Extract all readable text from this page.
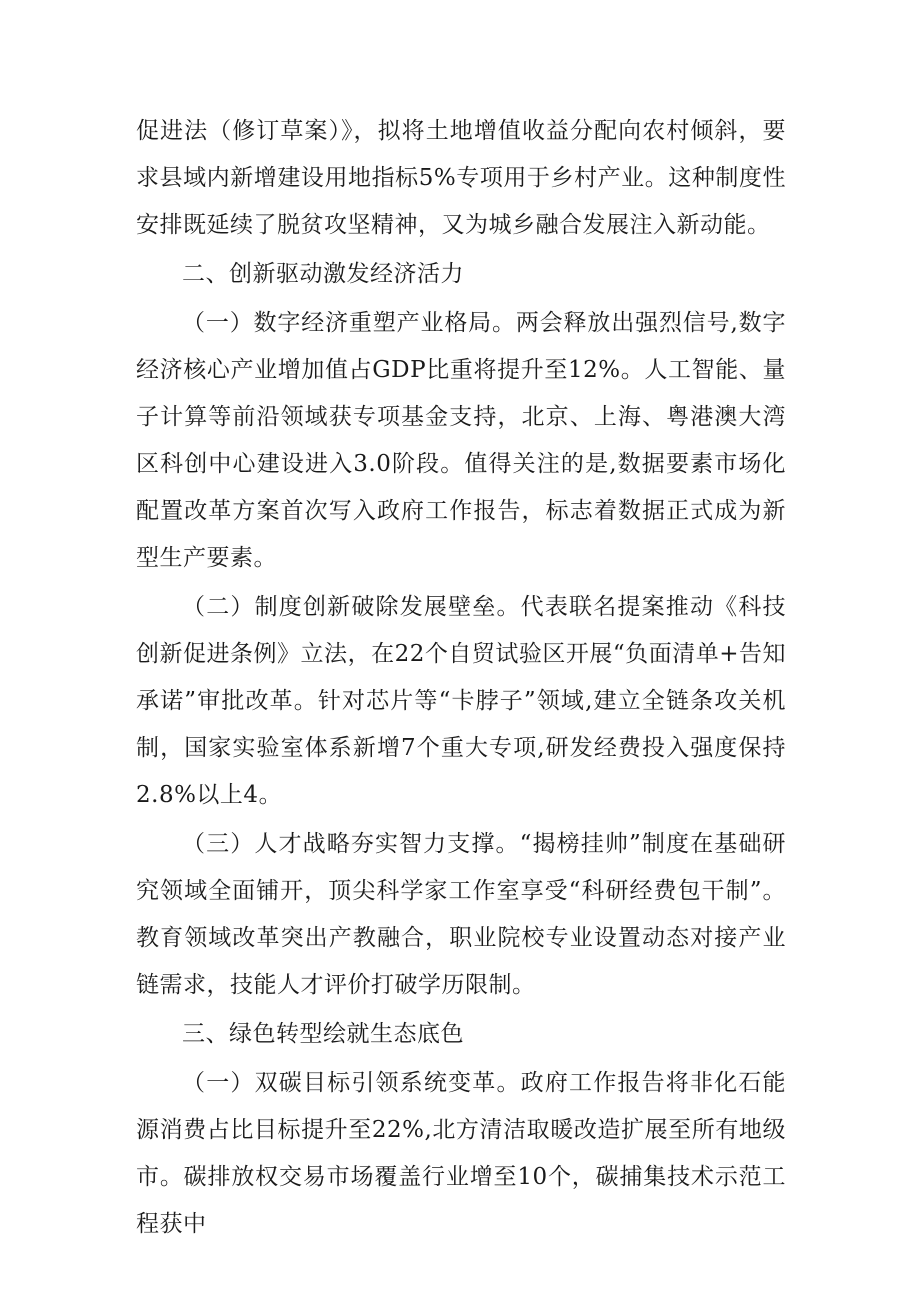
促进法（修订草案）》，拟将土地增值收益分配向农村倾斜，要求县域内新增建设用地指标5%专项用于乡村产业。这种制度性安排既延续了脱贫攻坚精神，又为城乡融合发展注入新动能。

二、创新驱动激发经济活力

（一）数字经济重塑产业格局。两会释放出强烈信号,数字经济核心产业增加值占GDP比重将提升至12%。人工智能、量子计算等前沿领域获专项基金支持，北京、上海、粤港澳大湾区科创中心建设进入3.0阶段。值得关注的是,数据要素市场化配置改革方案首次写入政府工作报告，标志着数据正式成为新型生产要素。

（二）制度创新破除发展壁垒。代表联名提案推动《科技创新促进条例》立法，在22个自贸试验区开展“负面清单+告知承诺”审批改革。针对芯片等“卡脖子”领域,建立全链条攻关机制，国家实验室体系新增7个重大专项,研发经费投入强度保持2.8%以上4。

（三）人才战略夯实智力支撑。“揭榜挂帅”制度在基础研究领域全面铺开，顶尖科学家工作室享受“科研经费包干制”。教育领域改革突出产教融合，职业院校专业设置动态对接产业链需求，技能人才评价打破学历限制。

三、绿色转型绘就生态底色

（一）双碳目标引领系统变革。政府工作报告将非化石能源消费占比目标提升至22%,北方清洁取暖改造扩展至所有地级市。碳排放权交易市场覆盖行业增至10个，碳捕集技术示范工程获中
